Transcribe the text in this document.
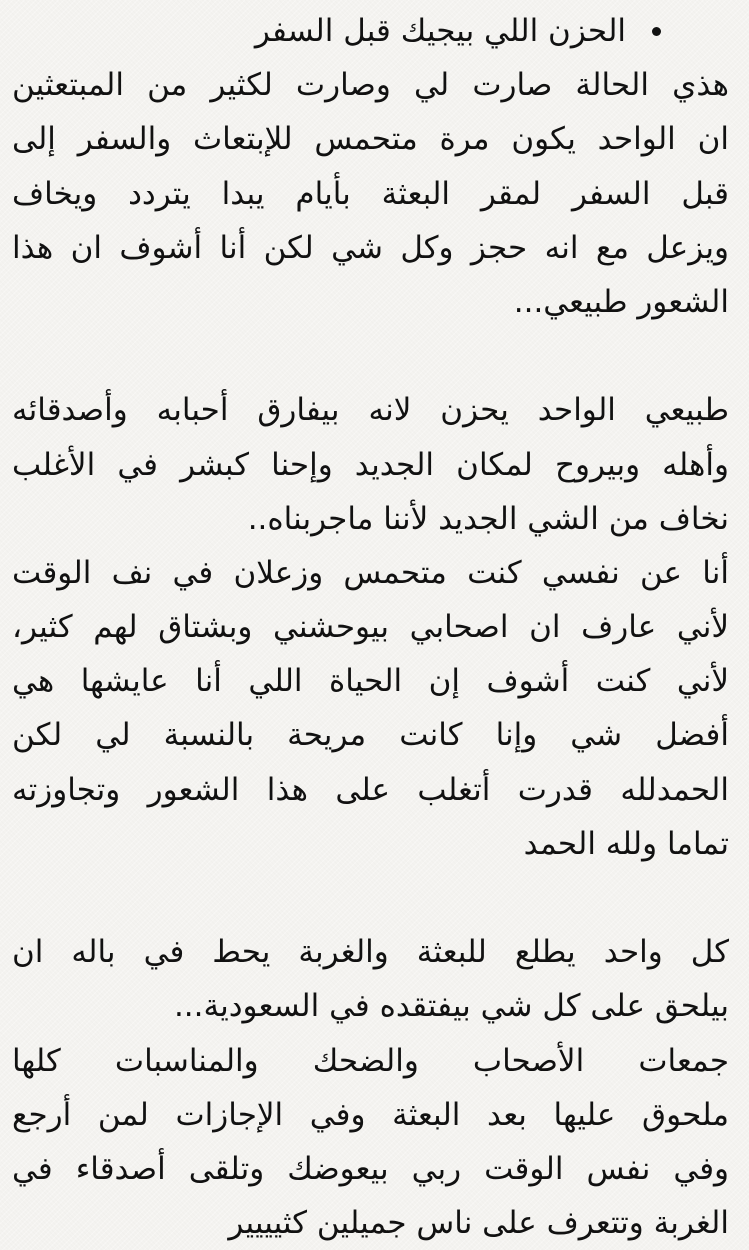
الحزن اللي بيجيك قبل السفر
هذي الحالة صارت لي وصارت لكثير من المبتعثين
ان الواحد يكون مرة متحمس للإبتعاث والسفر إلى
قبل السفر لمقر البعثة بأيام يبدا يتردد ويخاف
ويزعل مع انه حجز وكل شي لكن أنا أشوف ان هذا
الشعور طبيعي...
طبيعي الواحد يحزن لانه بيفارق أحبابه وأصدقائه
وأهله وبيروح لمكان الجديد وإحنا كبشر في الأغلب
نخاف من الشي الجديد لأننا ماجربناه..
أنا عن نفسي كنت متحمس وزعلان في نف الوقت
لأني عارف ان اصحابي بيوحشني وبشتاق لهم كثير،
لأني كنت أشوف إن الحياة اللي أنا عايشها هي
أفضل شي وإنا كانت مريحة بالنسبة لي لكن
الحمدلله قدرت أتغلب على هذا الشعور وتجاوزته
تماما ولله الحمد
كل واحد يطلع للبعثة والغربة يحط في باله ان
بيلحق على كل شي بيفتقده في السعودية...
جمعات الأصحاب والضحك والمناسبات كلها
ملحوق عليها بعد البعثة وفي الإجازات لمن أرجع
وفي نفس الوقت ربي بيعوضك وتلقى أصدقاء في
الغربة وتتعرف على ناس جميلين كثيييير
